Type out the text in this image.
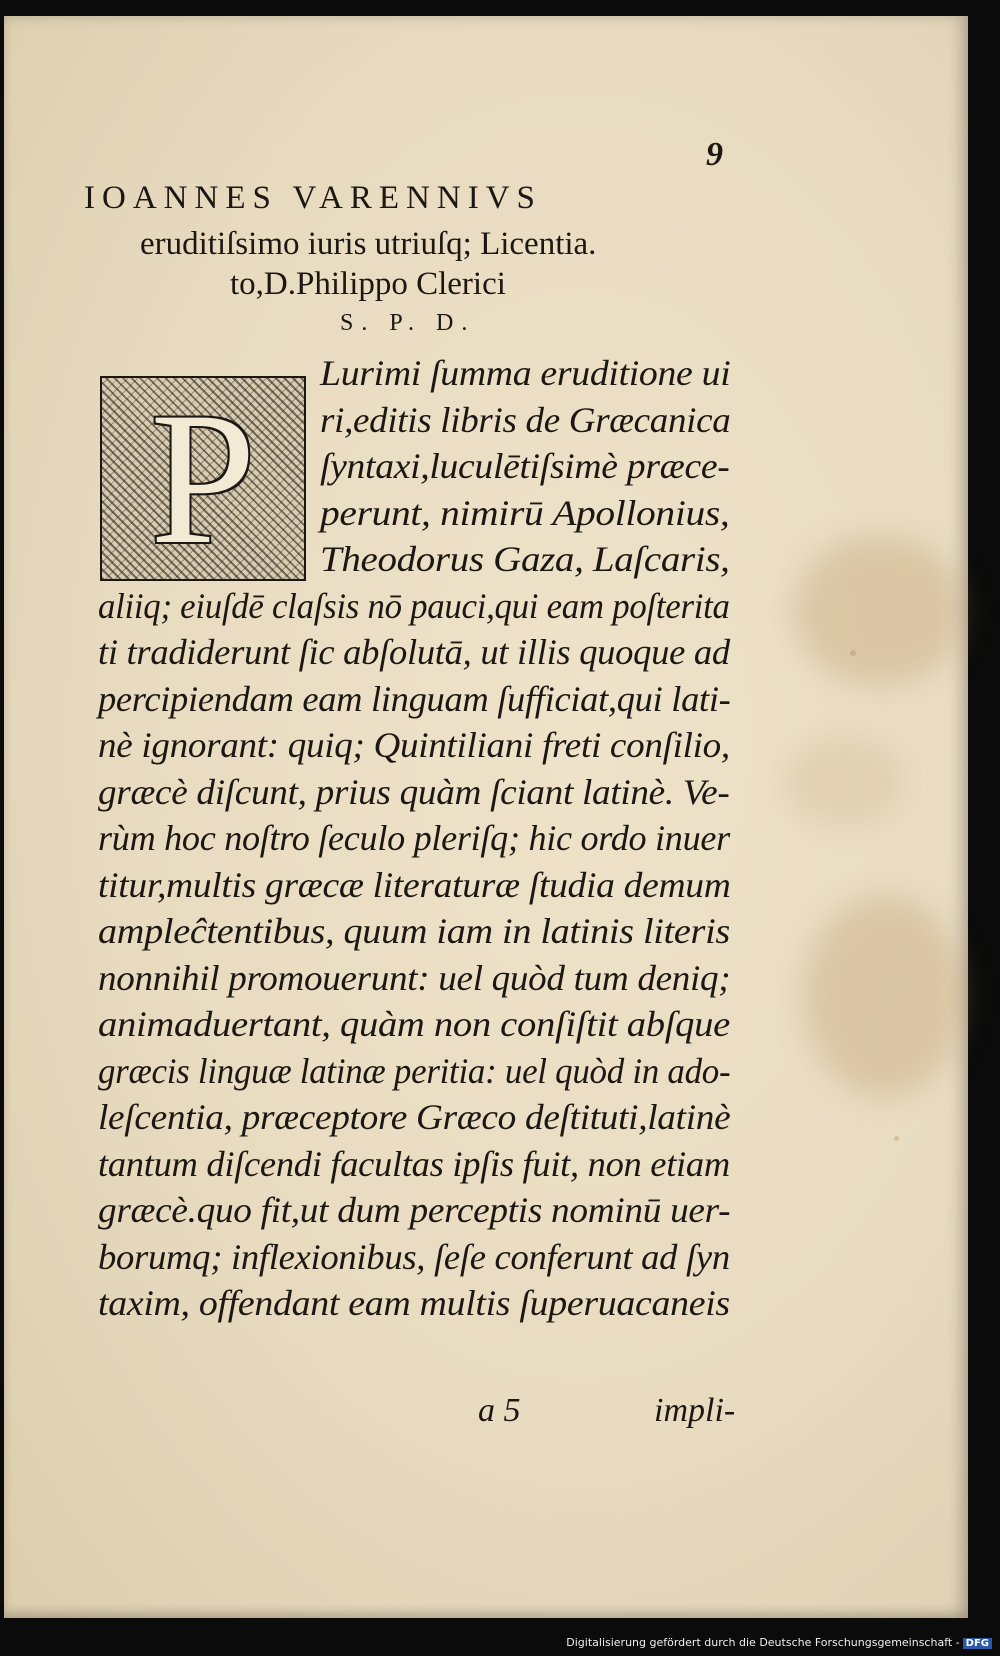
9
IOANNES VARENNIVS
eruditiſsimo iuris utriuſq; Licentia.
to,D.Philippo Clerici
S. P. D.
P
Lurimi ſumma eruditione ui
ri,editis libris de Græcanica
ſyntaxi,luculētiſsimè præce-
perunt, nimirū Apollonius,
Theodorus Gaza, Laſcaris,
aliiq; eiuſdē claſsis nō pauci,qui eam poſterita
ti tradiderunt ſic abſolutā, ut illis quoque ad
percipiendam eam linguam ſufficiat,qui lati-
nè ignorant: quiq; Quintiliani freti conſilio,
græcè diſcunt, prius quàm ſciant latinè. Ve-
rùm hoc noſtro ſeculo pleriſq; hic ordo inuer
titur,multis græcæ literaturæ ſtudia demum
ampleĉtentibus, quum iam in latinis literis
nonnihil promouerunt: uel quòd tum deniq;
animaduertant, quàm non conſiſtit abſque
græcis linguæ latinæ peritia: uel quòd in ado-
leſcentia, præceptore Græco deſtituti,latinè
tantum diſcendi facultas ipſis fuit, non etiam
græcè.quo fit,ut dum perceptis nominū uer-
borumq; inflexionibus, ſeſe conferunt ad ſyn
taxim, offendant eam multis ſuperuacaneis
a 5	impli-
Digitalisierung gefördert durch die Deutsche Forschungsgemeinschaft - DFG
